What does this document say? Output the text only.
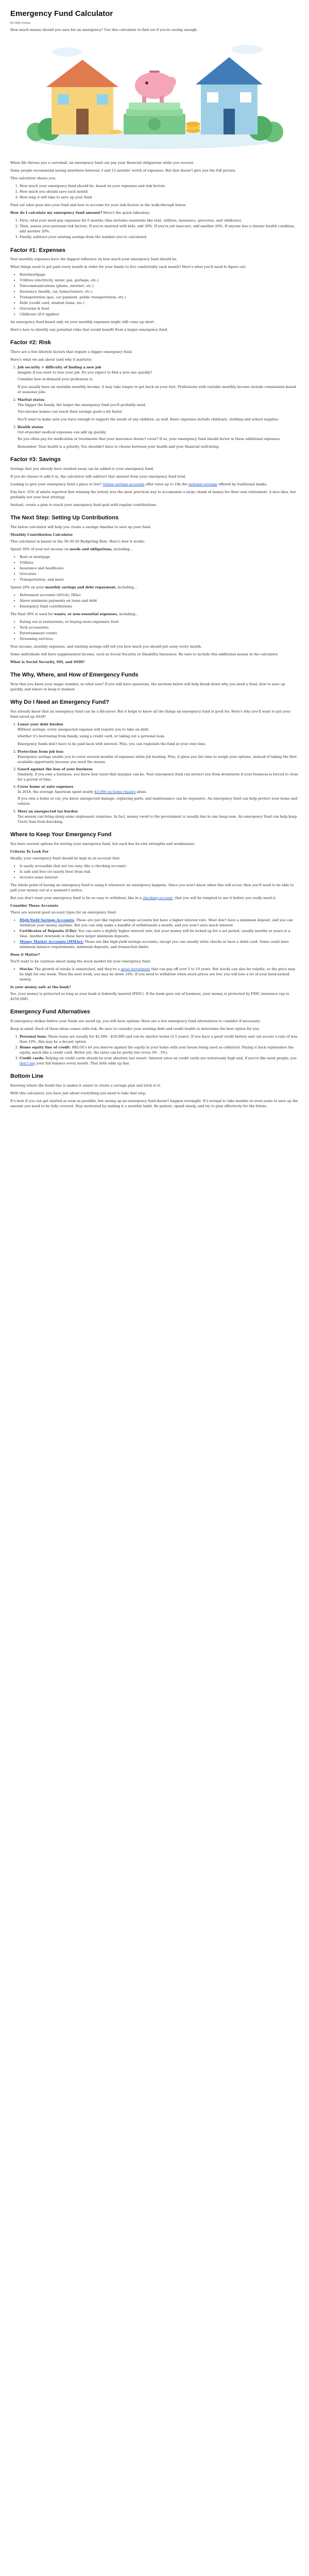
Emergency Fund Calculator
By Holly Zorkas

How much money should you save for an emergency? Use this calculator to find out if you're saving enough.

When life throws you a curveball, an emergency fund can pay your financial obligations while you recover.

Some people recommend saving anywhere between 3 and 12 months' worth of expenses. But that doesn't give you the full picture.

This calculator shows you:

1. How much your emergency fund should be, based on your expenses and risk factors
2. How much you should save each month
3. How long it will take to save up your fund

Find out what goes into your fund and how to account for your risk factors in the walk-through below.

How do I calculate my emergency fund amount? Here's the quick takeaway:

1. First, total your must-pay expenses for 6 months (this includes essentials like rent, utilities, insurance, groceries, and childcare).
2. Then, assess your personal risk factors. If you're married with kids, add 30%. If you're job insecure, add another 20%. If anyone has a chronic health condition, add another 20%.
3. Finally, subtract your existing savings from the number you've calculated.
Factor #1: Expenses

Your monthly expenses have the biggest influence on how much your emergency fund should be.

What things need to get paid every month in order for your family to live comfortably each month? Here's what you'll need to figure out:

• Rent/mortgage
• Utilities (electricity, water, gas, garbage, etc.)
• Telecommunications (phone, internet, etc.)
• Insurance (health, car, home/renters, etc.)
• Transportation (gas, car payment, public transportation, etc.)
• Debt (credit card, student loans, etc.)
• Groceries & food
• Childcare (if it applies)

An emergency fund based only on your monthly expenses might still come up short.

Here's how to identify any potential risks that would benefit from a larger emergency fund.

Factor #2: Risk

There are a few lifestyle factors that require a bigger emergency fund.

Here's what we ask about (and why it matters):

1. Job security + difficulty of finding a new job
Imagine if you were to lose your job. Do you expect to find a new one quickly?

Consider how in-demand your profession is.

If you usually have an unstable monthly income, it may take longer to get back on your feet. Professions with variable monthly income include commission-based or seasonal jobs.

2. Marital status
The bigger the family, the larger the emergency fund you'll probably need.

Two-income homes can reach their savings goals a bit faster.

You'll want to make sure you have enough to support the needs of any children, as well. Basic expenses include childcare, clothing and school supplies.

3. Health status
Out-of-pocket medical expenses can add up quickly.

Do you often pay for medication or treatments that your insurance doesn't cover? If so, your emergency fund should factor in these additional expenses.

Remember: Your health is a priority. You shouldn't have to choose between your health and your financial well-being.

Factor #3: Savings

Savings that you already have stashed away can be added to your emergency fund.

If you do choose to add it in, the calculator will subtract that amount from your emergency fund total.

Looking to give your emergency fund a place to live? Online savings accounts offer rates up to 10x the national average offered by traditional banks.

Fun fact: 32% of adults reported that winning the lottery was the most practical way to accumulate a large chunk of money for their own retirement. A nice idea, but probably not your best strategy.

Instead, create a plan to reach your emergency fund goal with regular contributions.

The Next Step: Setting Up Contributions

The below calculator will help you create a savings timeline to save up your fund.

Monthly Contribution Calculator

This calculator is based on the 50-30-20 Budgeting Rule. Here's how it works:

Spend 50% of your net income on needs and obligations, including...

• Rent or mortgage
• Utilities
• Insurance and healthcare
• Groceries
• Transportation, and more

Spend 20% on your monthly savings and debt repayment, including...

• Retirement accounts (401(k), IRAs)
• Above minimum payments on loans and debt
• Emergency fund contributions

The final 30% is used for wants, or non-essential expenses, including...

• Eating out at restaurants, or buying more-expensive food
• Tech accessories
• Entertainment events
• Streaming services

Your income, monthly expenses, and existing savings will tell you how much you should put away every month.

Some individuals will have supplemental income, such as Social Security or Disability Insurance. Be sure to include this additional money in the calculator.

What is Social Security, SSI, and SSDI?

The Why, Where, and How of Emergency Funds

Now that you know your magic number, so what now? If you still have questions, the sections below will help break down why you need a fund, how to save up quickly, and where to keep it stashed.

Why Do I Need an Emergency Fund?

You already know that an emergency fund can be a life-saver. But it helps to know all the things an emergency fund is good for. Here's why you'll want to get your fund saved up ASAP:

1. Lower your debt burden
Without savings, every unexpected expense will require you to take on debt,

whether it's borrowing from family, using a credit card, or taking out a personal loan.

Emergency funds don't have to be paid back with interest. Plus, you can replenish the fund in your own time.

2. Protection from job loss
Emergency savings enable you to cover several months of expenses while job hunting. Plus, it gives you the time to weigh your options, instead of taking the first available opportunity because you need the money.
3. Guard against the loss of your business
Similarly, if you own a business, you know how razor-thin margins can be. Your emergency fund can protect you from downturns if your business is forced to close for a period of time.
4. Cover home or auto expenses
In 2018, the average American spent nearly $3,000 on home repairs alone.

If you own a home or car, you know unexpected damage, replacing parts, and maintenance can be expensive. An emergency fund can help protect your home and vehicle.

5. Meet an unexpected tax burden
Tax season can bring along some unpleasant surprises. In fact, money owed to the government is usually due in one lump sum. An emergency fund can help keep Uncle Sam from knocking.
Where to Keep Your Emergency Fund

You have several options for storing your emergency fund, but each has its own strengths and weaknesses.

Criteria To Look For

Ideally, your emergency fund should be kept in an account that:

• Is easily accessible (but not too easy, like a checking account)
• Is safe and free (or nearly free) from risk
• Accrues some interest

The whole point of having an emergency fund is using it whenever an emergency happens. Since you won't know when this will occur, then you'll need to be able to pull your money out at a moment's notice.

But you don't want your emergency fund to be so easy to withdraw, like in a checking account, that you will be tempted to use it before you really need it.

Consider These Accounts

There are several good account types for an emergency fund:

• High-Yield Savings Accounts: These are just like regular savings accounts but have a higher interest rate. Most don't have a minimum deposit, and you can withdraw your money anytime. But you can only make a handful of withdrawals a month, and you won't earn much interest.
• Certificates of Deposits (CDs): You can earn a slightly higher interest rate, but your money will be locked up for a set period, usually months or years at a time. Another downside is those have larger minimum deposits.
• Money Market Accounts (MMAs): These are like high-yield savings accounts, except you can usually write checks or have a debit card. Some could have minimum balance requirements, minimum deposits, and transaction limits.
Does it Matter?

You'll want to be cautious about using the stock market for your emergency fund.

• Stocks: The growth of stocks is unmatched, and they're a great investment that can pay off over 5 to 10 years. But stocks can also be volatile, so the price may be high for one week. Then the next week, you may be down 10%. If you need to withdraw when stock prices are low, you will lose a lot of your hard-earned money.
Is your money safe at the bank?

Yes, your money is protected as long as your bank is federally insured (FDIC). If the bank goes out of business, your money is protected by FDIC insurance (up to $250,000).

Emergency Fund Alternatives

If emergency strikes before your funds are saved up, you still have options. Here are a few emergency fund alternatives to consider if necessary:

Keep in mind: Each of these ideas comes with risk. Be sure to consider your existing debt and credit health to determine the best option for you.

1. Personal loan: These loans are usually for $1,000 - $50,000 and can be shorter terms (2-5 years). If you have a good credit history and can secure a rate of less than 10%, this may be a decent option.
2. Home equity line of credit: HELOCs let you borrow against the equity in your home with your house being used as collateral. Paying it back replenishes the equity, much like a credit card. Better yet, the rates can be pretty low (even 3% - 5%).
3. Credit cards: Relying on credit cards should be your absolute last resort. Interest rates on credit cards are notoriously high and, if you're like most people, you don't pay your full balance every month. That debt adds up fast.
Bottom Line

Knowing where the funds line is makes it easier to create a savings plan and stick to it.

With this calculator, you have just about everything you need to take that step.

It's best if you can get started as soon as possible, but saving up an emergency fund doesn't happen overnight. It's normal to take months or even years to save up the amount you need to be fully covered. Stay motivated by making it a monthly habit. Be patient, spend wisely, and try to plan effectively for the future.
